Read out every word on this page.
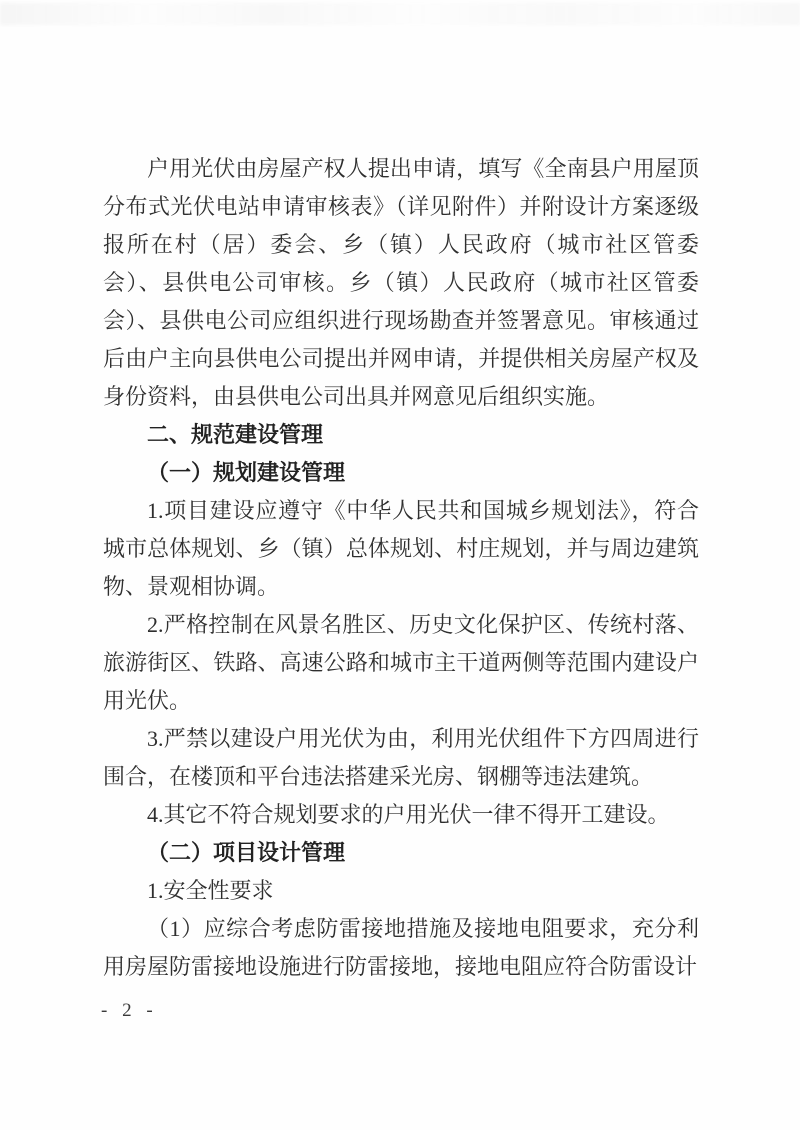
户用光伏由房屋产权人提出申请，填写《全南县户用屋顶分布式光伏电站申请审核表》（详见附件）并附设计方案逐级报所在村（居）委会、乡（镇）人民政府（城市社区管委会）、县供电公司审核。乡（镇）人民政府（城市社区管委会）、县供电公司应组织进行现场勘查并签署意见。审核通过后由户主向县供电公司提出并网申请，并提供相关房屋产权及身份资料，由县供电公司出具并网意见后组织实施。

二、规范建设管理

（一）规划建设管理

1.项目建设应遵守《中华人民共和国城乡规划法》，符合城市总体规划、乡（镇）总体规划、村庄规划，并与周边建筑物、景观相协调。

2.严格控制在风景名胜区、历史文化保护区、传统村落、旅游街区、铁路、高速公路和城市主干道两侧等范围内建设户用光伏。

3.严禁以建设户用光伏为由，利用光伏组件下方四周进行围合，在楼顶和平台违法搭建采光房、钢棚等违法建筑。

4.其它不符合规划要求的户用光伏一律不得开工建设。

（二）项目设计管理

1.安全性要求

（1）应综合考虑防雷接地措施及接地电阻要求，充分利用房屋防雷接地设施进行防雷接地，接地电阻应符合防雷设计

- 2 -
